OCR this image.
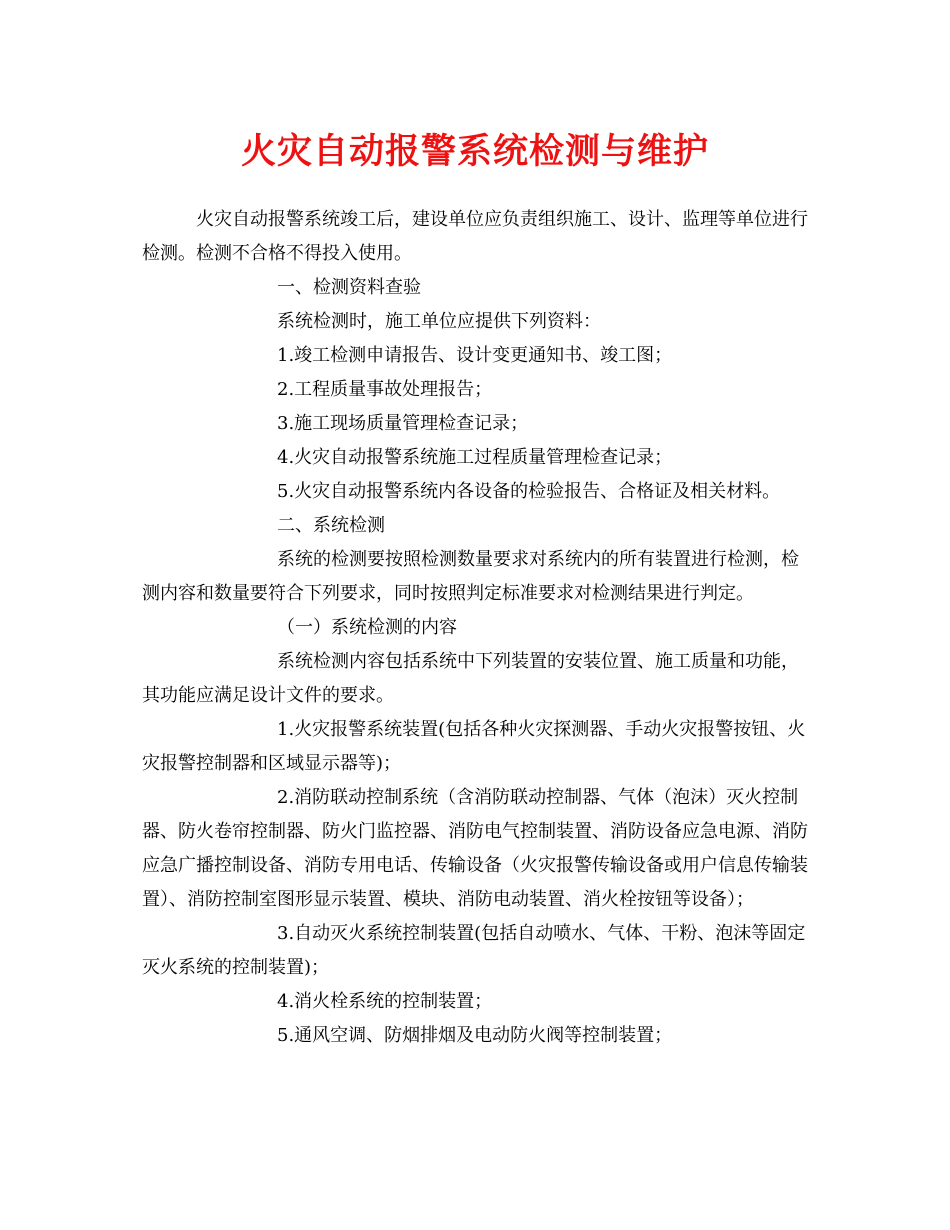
火灾自动报警系统检测与维护

火灾自动报警系统竣工后，建设单位应负责组织施工、设计、监理等单位进行检测。检测不合格不得投入使用。

一、检测资料查验

系统检测时，施工单位应提供下列资料：

1.竣工检测申请报告、设计变更通知书、竣工图；

2.工程质量事故处理报告；

3.施工现场质量管理检查记录；

4.火灾自动报警系统施工过程质量管理检查记录；

5.火灾自动报警系统内各设备的检验报告、合格证及相关材料。

二、系统检测

系统的检测要按照检测数量要求对系统内的所有装置进行检测，检测内容和数量要符合下列要求，同时按照判定标准要求对检测结果进行判定。

（一）系统检测的内容

系统检测内容包括系统中下列装置的安装位置、施工质量和功能，其功能应满足设计文件的要求。

1.火灾报警系统装置(包括各种火灾探测器、手动火灾报警按钮、火灾报警控制器和区域显示器等)；

2.消防联动控制系统（含消防联动控制器、气体（泡沫）灭火控制器、防火卷帘控制器、防火门监控器、消防电气控制装置、消防设备应急电源、消防应急广播控制设备、消防专用电话、传输设备（火灾报警传输设备或用户信息传输装置）、消防控制室图形显示装置、模块、消防电动装置、消火栓按钮等设备）；

3.自动灭火系统控制装置(包括自动喷水、气体、干粉、泡沫等固定灭火系统的控制装置)；

4.消火栓系统的控制装置；

5.通风空调、防烟排烟及电动防火阀等控制装置；
